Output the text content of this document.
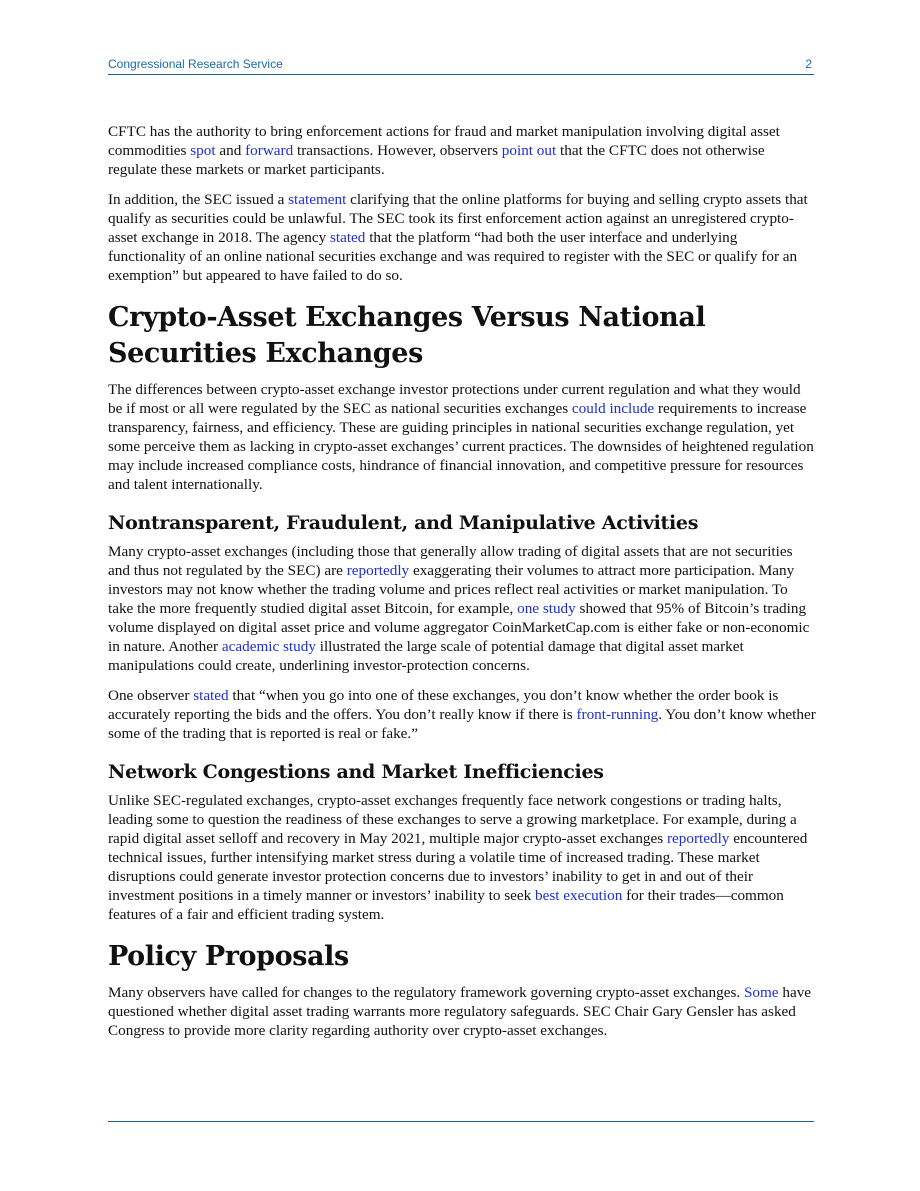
Congressional Research Service	2

CFTC has the authority to bring enforcement actions for fraud and market manipulation involving digital asset commodities spot and forward transactions. However, observers point out that the CFTC does not otherwise regulate these markets or market participants.

In addition, the SEC issued a statement clarifying that the online platforms for buying and selling crypto assets that qualify as securities could be unlawful. The SEC took its first enforcement action against an unregistered crypto-asset exchange in 2018. The agency stated that the platform “had both the user interface and underlying functionality of an online national securities exchange and was required to register with the SEC or qualify for an exemption” but appeared to have failed to do so.

Crypto-Asset Exchanges Versus National Securities Exchanges

The differences between crypto-asset exchange investor protections under current regulation and what they would be if most or all were regulated by the SEC as national securities exchanges could include requirements to increase transparency, fairness, and efficiency. These are guiding principles in national securities exchange regulation, yet some perceive them as lacking in crypto-asset exchanges’ current practices. The downsides of heightened regulation may include increased compliance costs, hindrance of financial innovation, and competitive pressure for resources and talent internationally.

Nontransparent, Fraudulent, and Manipulative Activities

Many crypto-asset exchanges (including those that generally allow trading of digital assets that are not securities and thus not regulated by the SEC) are reportedly exaggerating their volumes to attract more participation. Many investors may not know whether the trading volume and prices reflect real activities or market manipulation. To take the more frequently studied digital asset Bitcoin, for example, one study showed that 95% of Bitcoin’s trading volume displayed on digital asset price and volume aggregator CoinMarketCap.com is either fake or non-economic in nature. Another academic study illustrated the large scale of potential damage that digital asset market manipulations could create, underlining investor-protection concerns.

One observer stated that “when you go into one of these exchanges, you don’t know whether the order book is accurately reporting the bids and the offers. You don’t really know if there is front-running. You don’t know whether some of the trading that is reported is real or fake.”

Network Congestions and Market Inefficiencies

Unlike SEC-regulated exchanges, crypto-asset exchanges frequently face network congestions or trading halts, leading some to question the readiness of these exchanges to serve a growing marketplace. For example, during a rapid digital asset selloff and recovery in May 2021, multiple major crypto-asset exchanges reportedly encountered technical issues, further intensifying market stress during a volatile time of increased trading. These market disruptions could generate investor protection concerns due to investors’ inability to get in and out of their investment positions in a timely manner or investors’ inability to seek best execution for their trades—common features of a fair and efficient trading system.

Policy Proposals

Many observers have called for changes to the regulatory framework governing crypto-asset exchanges. Some have questioned whether digital asset trading warrants more regulatory safeguards. SEC Chair Gary Gensler has asked Congress to provide more clarity regarding authority over crypto-asset exchanges.
